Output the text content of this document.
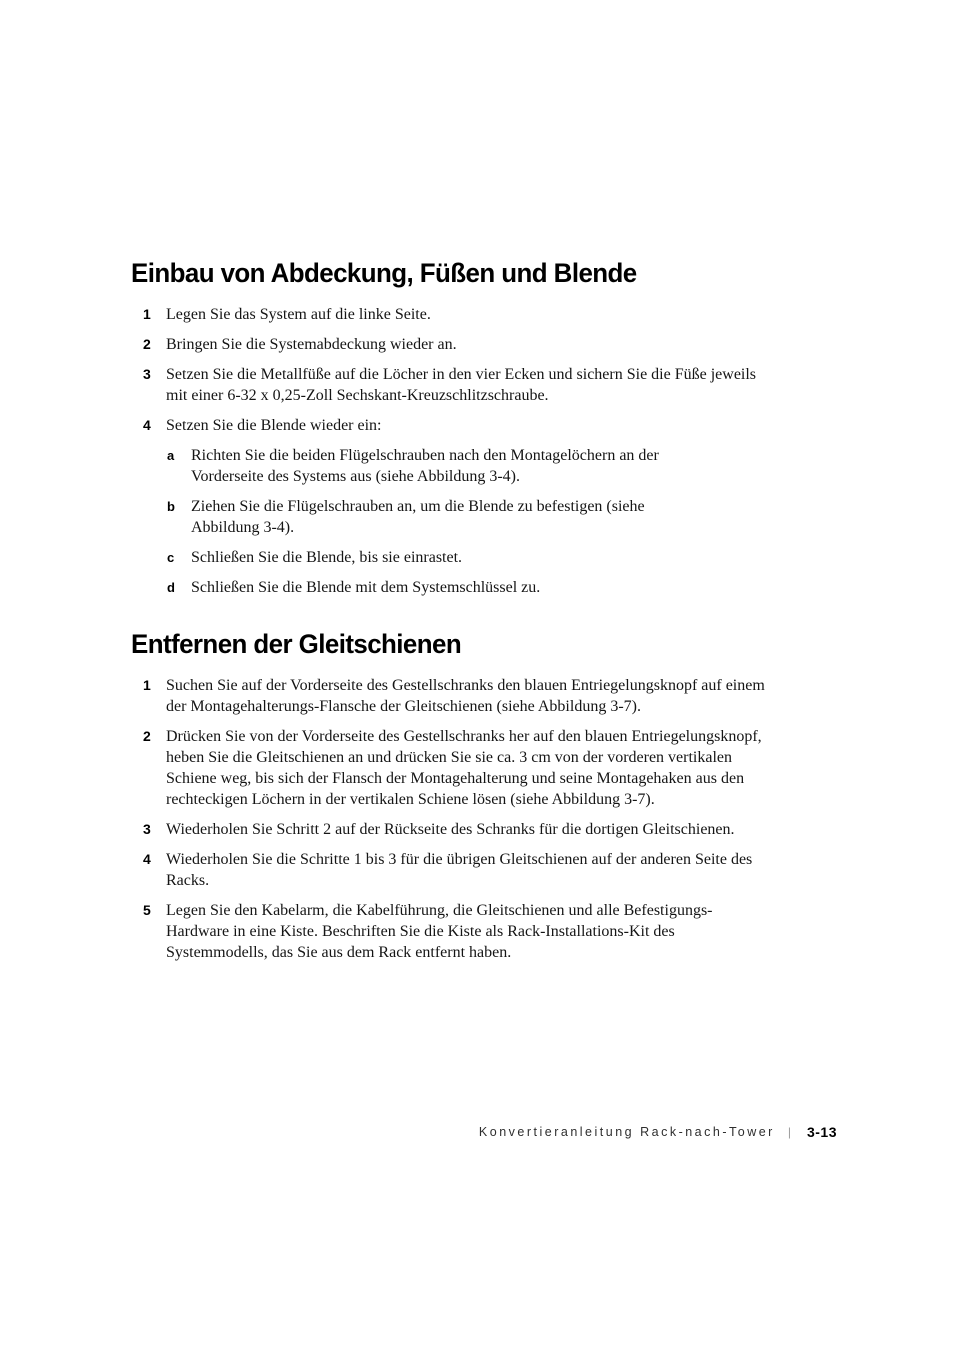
Einbau von Abdeckung, Füßen und Blende
1 Legen Sie das System auf die linke Seite.
2 Bringen Sie die Systemabdeckung wieder an.
3 Setzen Sie die Metallfüße auf die Löcher in den vier Ecken und sichern Sie die Füße jeweils mit einer 6-32 x 0,25-Zoll Sechskant-Kreuzschlitzschraube.
4 Setzen Sie die Blende wieder ein:
a	Richten Sie die beiden Flügelschrauben nach den Montagelöchern an der Vorderseite des Systems aus (siehe Abbildung 3-4).
b	Ziehen Sie die Flügelschrauben an, um die Blende zu befestigen (siehe Abbildung 3-4).
c	Schließen Sie die Blende, bis sie einrastet.
d	Schließen Sie die Blende mit dem Systemschlüssel zu.
Entfernen der Gleitschienen
1 Suchen Sie auf der Vorderseite des Gestellschranks den blauen Entriegelungsknopf auf einem der Montagehalterungs-Flansche der Gleitschienen (siehe Abbildung 3-7).
2 Drücken Sie von der Vorderseite des Gestellschranks her auf den blauen Entriegelungsknopf, heben Sie die Gleitschienen an und drücken Sie sie ca. 3 cm von der vorderen vertikalen Schiene weg, bis sich der Flansch der Montagehalterung und seine Montagehaken aus den rechteckigen Löchern in der vertikalen Schiene lösen (siehe Abbildung 3-7).
3 Wiederholen Sie Schritt 2 auf der Rückseite des Schranks für die dortigen Gleitschienen.
4 Wiederholen Sie die Schritte 1 bis 3 für die übrigen Gleitschienen auf der anderen Seite des Racks.
5 Legen Sie den Kabelarm, die Kabelführung, die Gleitschienen und alle Befestigungs-Hardware in eine Kiste. Beschriften Sie die Kiste als Rack-Installations-Kit des Systemmodells, das Sie aus dem Rack entfernt haben.
Konvertieranleitung Rack-nach-Tower | 3-13
